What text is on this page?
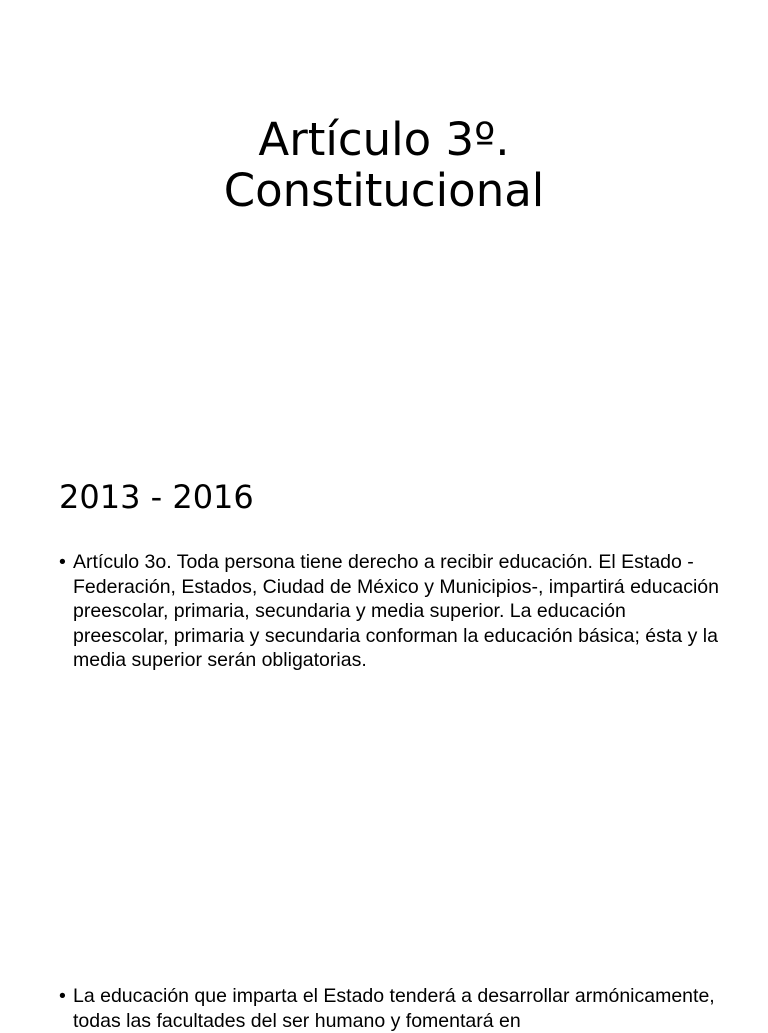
Artículo 3º.
Constitucional
2013 - 2016

• Artículo 3o. Toda persona tiene derecho a recibir educación. El Estado -Federación, Estados, Ciudad de México y Municipios-, impartirá educación preescolar, primaria, secundaria y media superior. La educación preescolar, primaria y secundaria conforman la educación básica; ésta y la media superior serán obligatorias.

• La educación que imparta el Estado tenderá a desarrollar armónicamente, todas las facultades del ser humano y fomentará en
